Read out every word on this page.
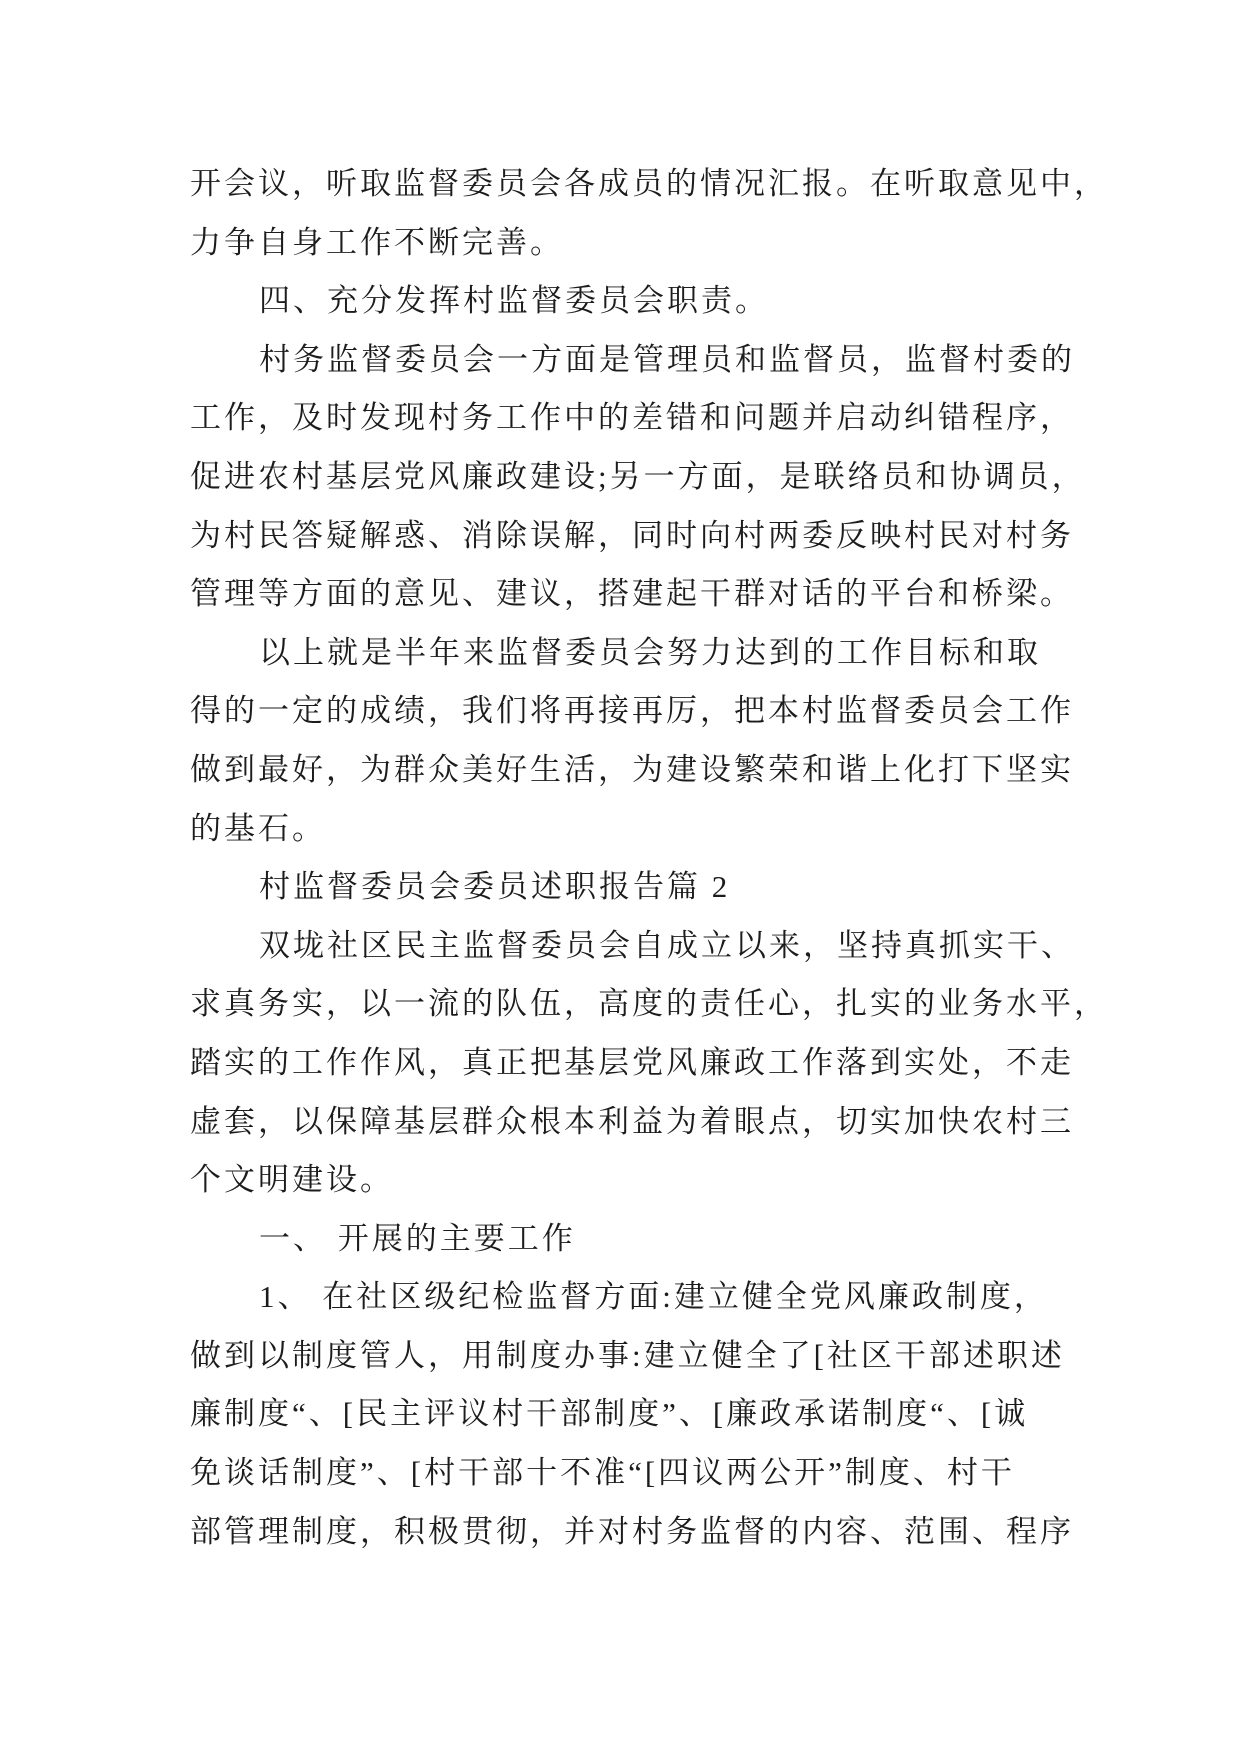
开会议，听取监督委员会各成员的情况汇报。在听取意见中，
力争自身工作不断完善。
四、充分发挥村监督委员会职责。
村务监督委员会一方面是管理员和监督员，监督村委的
工作，及时发现村务工作中的差错和问题并启动纠错程序，
促进农村基层党风廉政建设;另一方面，是联络员和协调员，
为村民答疑解惑、消除误解，同时向村两委反映村民对村务
管理等方面的意见、建议，搭建起干群对话的平台和桥梁。
以上就是半年来监督委员会努力达到的工作目标和取
得的一定的成绩，我们将再接再厉，把本村监督委员会工作
做到最好，为群众美好生活，为建设繁荣和谐上化打下坚实
的基石。
村监督委员会委员述职报告篇 2
双垅社区民主监督委员会自成立以来，坚持真抓实干、
求真务实，以一流的队伍，高度的责任心，扎实的业务水平，
踏实的工作作风，真正把基层党风廉政工作落到实处，不走
虚套，以保障基层群众根本利益为着眼点，切实加快农村三
个文明建设。
一、 开展的主要工作
1、 在社区级纪检监督方面:建立健全党风廉政制度，
做到以制度管人，用制度办事:建立健全了[社区干部述职述
廉制度“、[民主评议村干部制度”、[廉政承诺制度“、[诚
免谈话制度”、[村干部十不准“[四议两公开”制度、村干
部管理制度，积极贯彻，并对村务监督的内容、范围、程序
